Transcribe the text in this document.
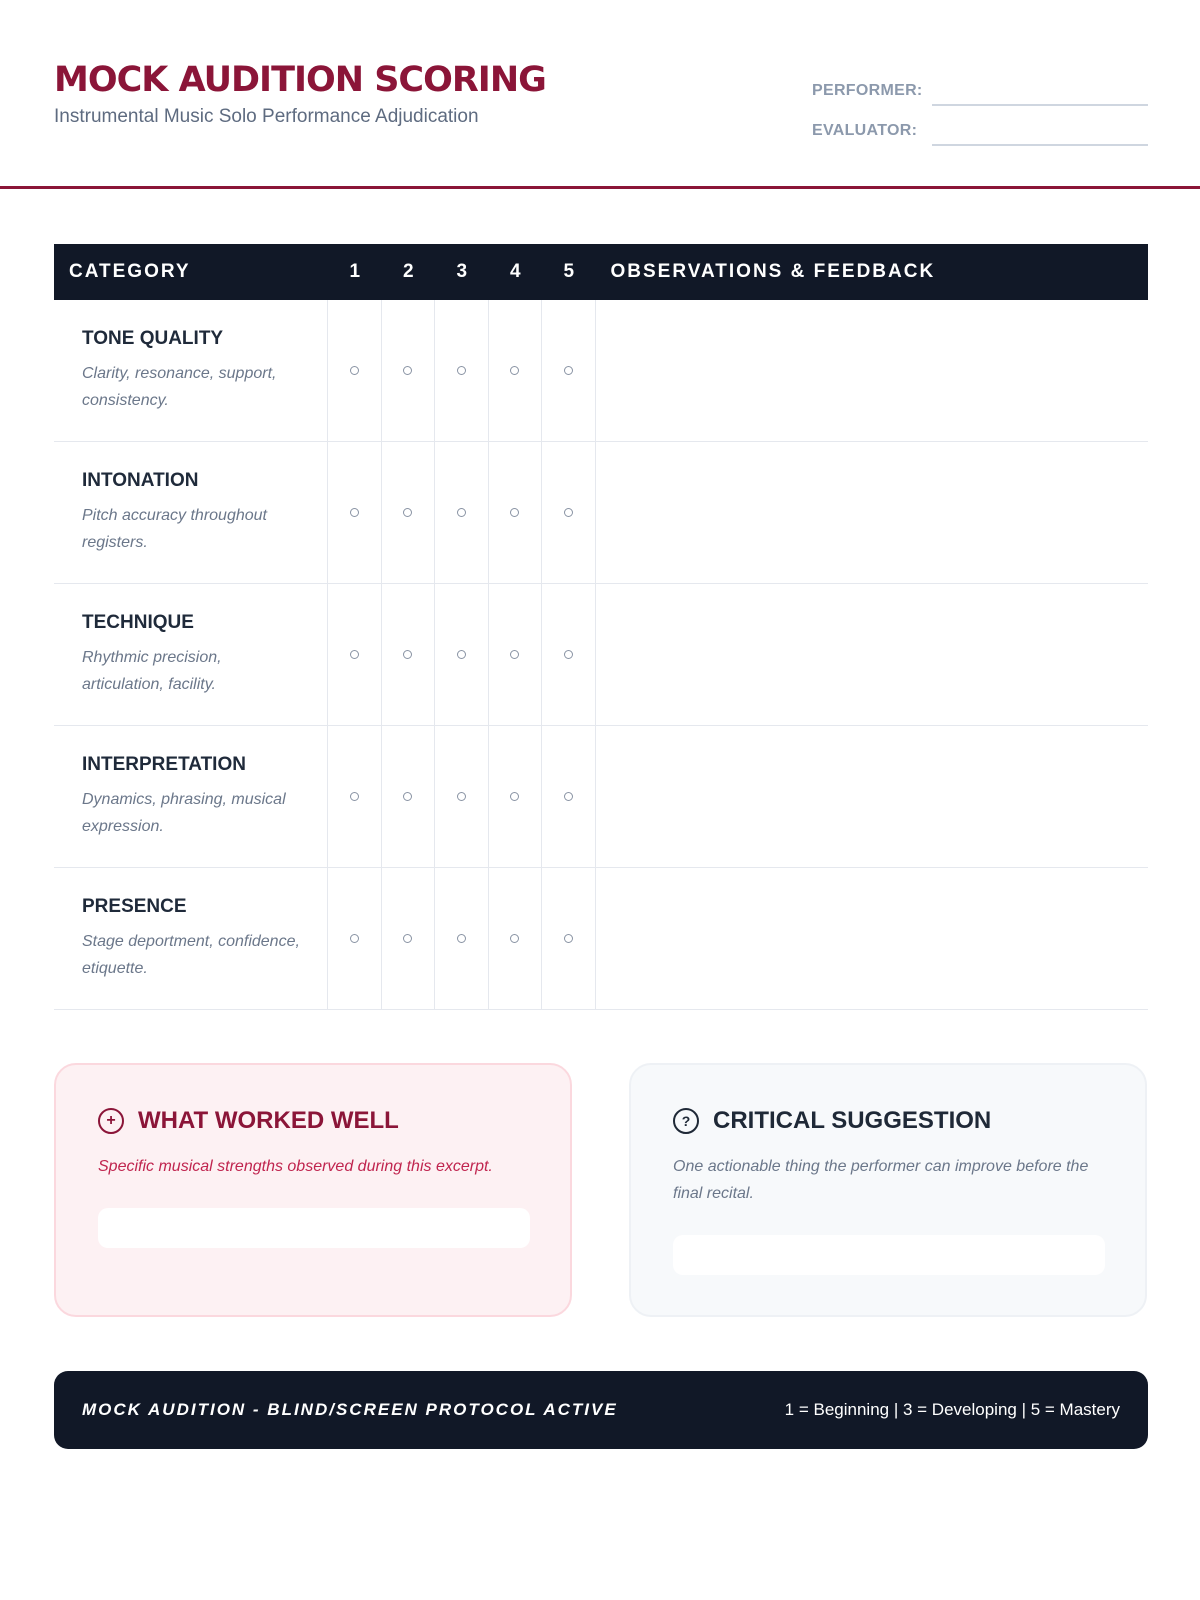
MOCK AUDITION SCORING
Instrumental Music Solo Performance Adjudication
PERFORMER:
EVALUATOR:
CATEGORY	1	2	3	4	5	OBSERVATIONS & FEEDBACK
TONE QUALITY
Clarity, resonance, support, consistency.
INTONATION
Pitch accuracy throughout registers.
TECHNIQUE
Rhythmic precision, articulation, facility.
INTERPRETATION
Dynamics, phrasing, musical expression.
PRESENCE
Stage deportment, confidence, etiquette.
+ WHAT WORKED WELL
Specific musical strengths observed during this excerpt.
? CRITICAL SUGGESTION
One actionable thing the performer can improve before the final recital.
MOCK AUDITION - BLIND/SCREEN PROTOCOL ACTIVE	1 = Beginning | 3 = Developing | 5 = Mastery
